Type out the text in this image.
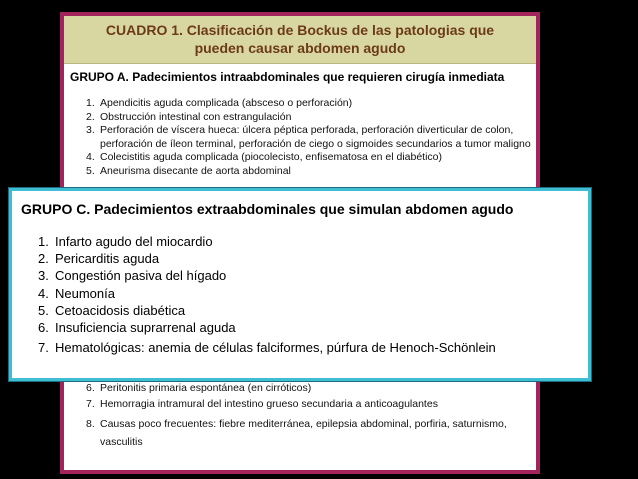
CUADRO 1. Clasificación de Bockus de las patologias que pueden causar abdomen agudo
GRUPO A. Padecimientos intraabdominales que requieren cirugía inmediata
1. Apendicitis aguda complicada (absceso o perforación)
2. Obstrucción intestinal con estrangulación
3. Perforación de víscera hueca: úlcera péptica perforada, perforación diverticular de colon, perforación de íleon terminal, perforación de ciego o sigmoides secundarios a tumor maligno
4. Colecistitis aguda complicada (piocolecisto, enfisematosa en el diabético)
5. Aneurisma disecante de aorta abdominal
6. Peritonitis primaria espontánea (en cirróticos)
7. Hemorragia intramural del intestino grueso secundaria a anticoagulantes
8. Causas poco frecuentes: fiebre mediterránea, epilepsia abdominal, porfiria, saturnismo, vasculitis
GRUPO C. Padecimientos extraabdominales que simulan abdomen agudo
1. Infarto agudo del miocardio
2. Pericarditis aguda
3. Congestión pasiva del hígado
4. Neumonía
5. Cetoacidosis diabética
6. Insuficiencia suprarrenal aguda
7. Hematológicas: anemia de células falciformes, púrfura de Henoch-Schönlein
